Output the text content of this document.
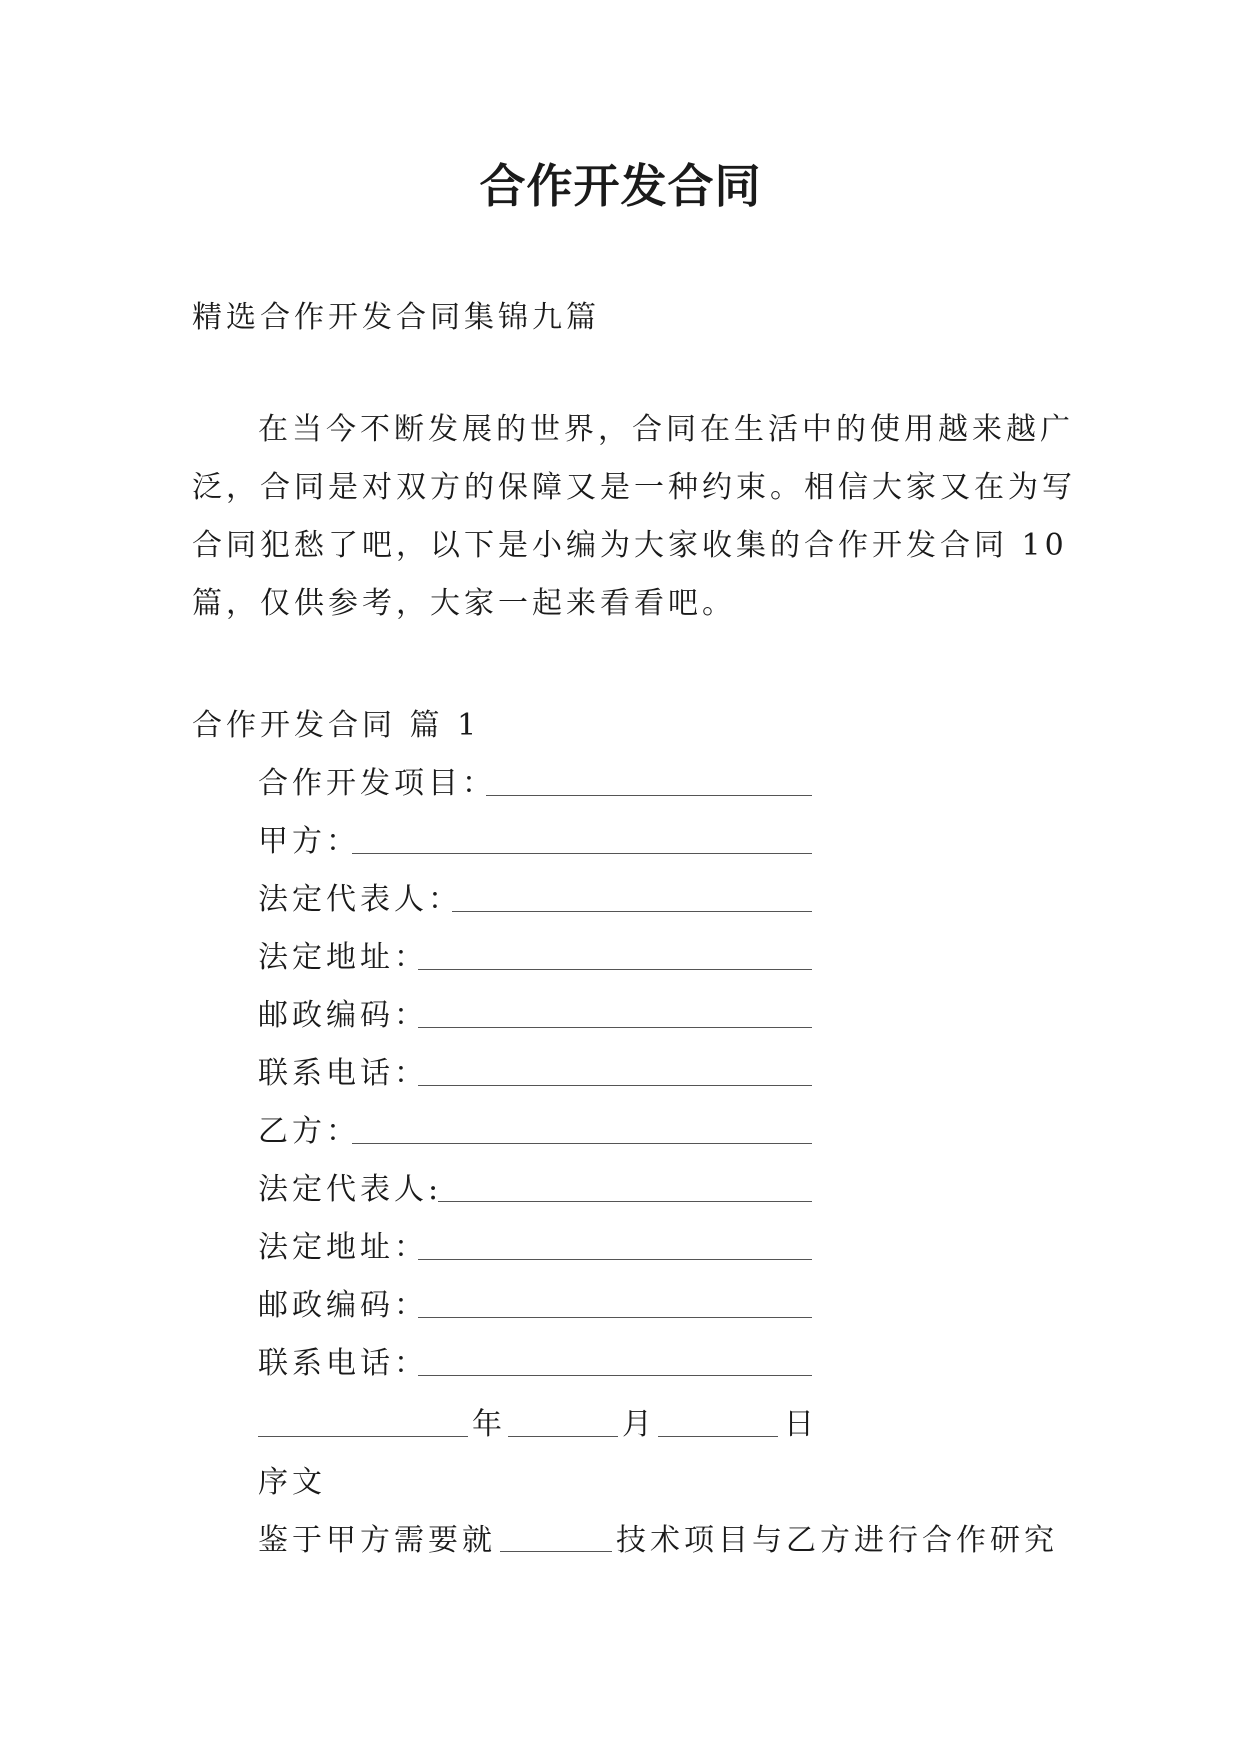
合作开发合同
精选合作开发合同集锦九篇
在当今不断发展的世界，合同在生活中的使用越来越广
泛，合同是对双方的保障又是一种约束。相信大家又在为写
合同犯愁了吧，以下是小编为大家收集的合作开发合同 10
篇，仅供参考，大家一起来看看吧。
合作开发合同 篇 1
合作开发项目：
甲方：
法定代表人：
法定地址：
邮政编码：
联系电话：
乙方：
法定代表人:
法定地址：
邮政编码：
联系电话：
年	月	日
序文
鉴于甲方需要就	技术项目与乙方进行合作研究
